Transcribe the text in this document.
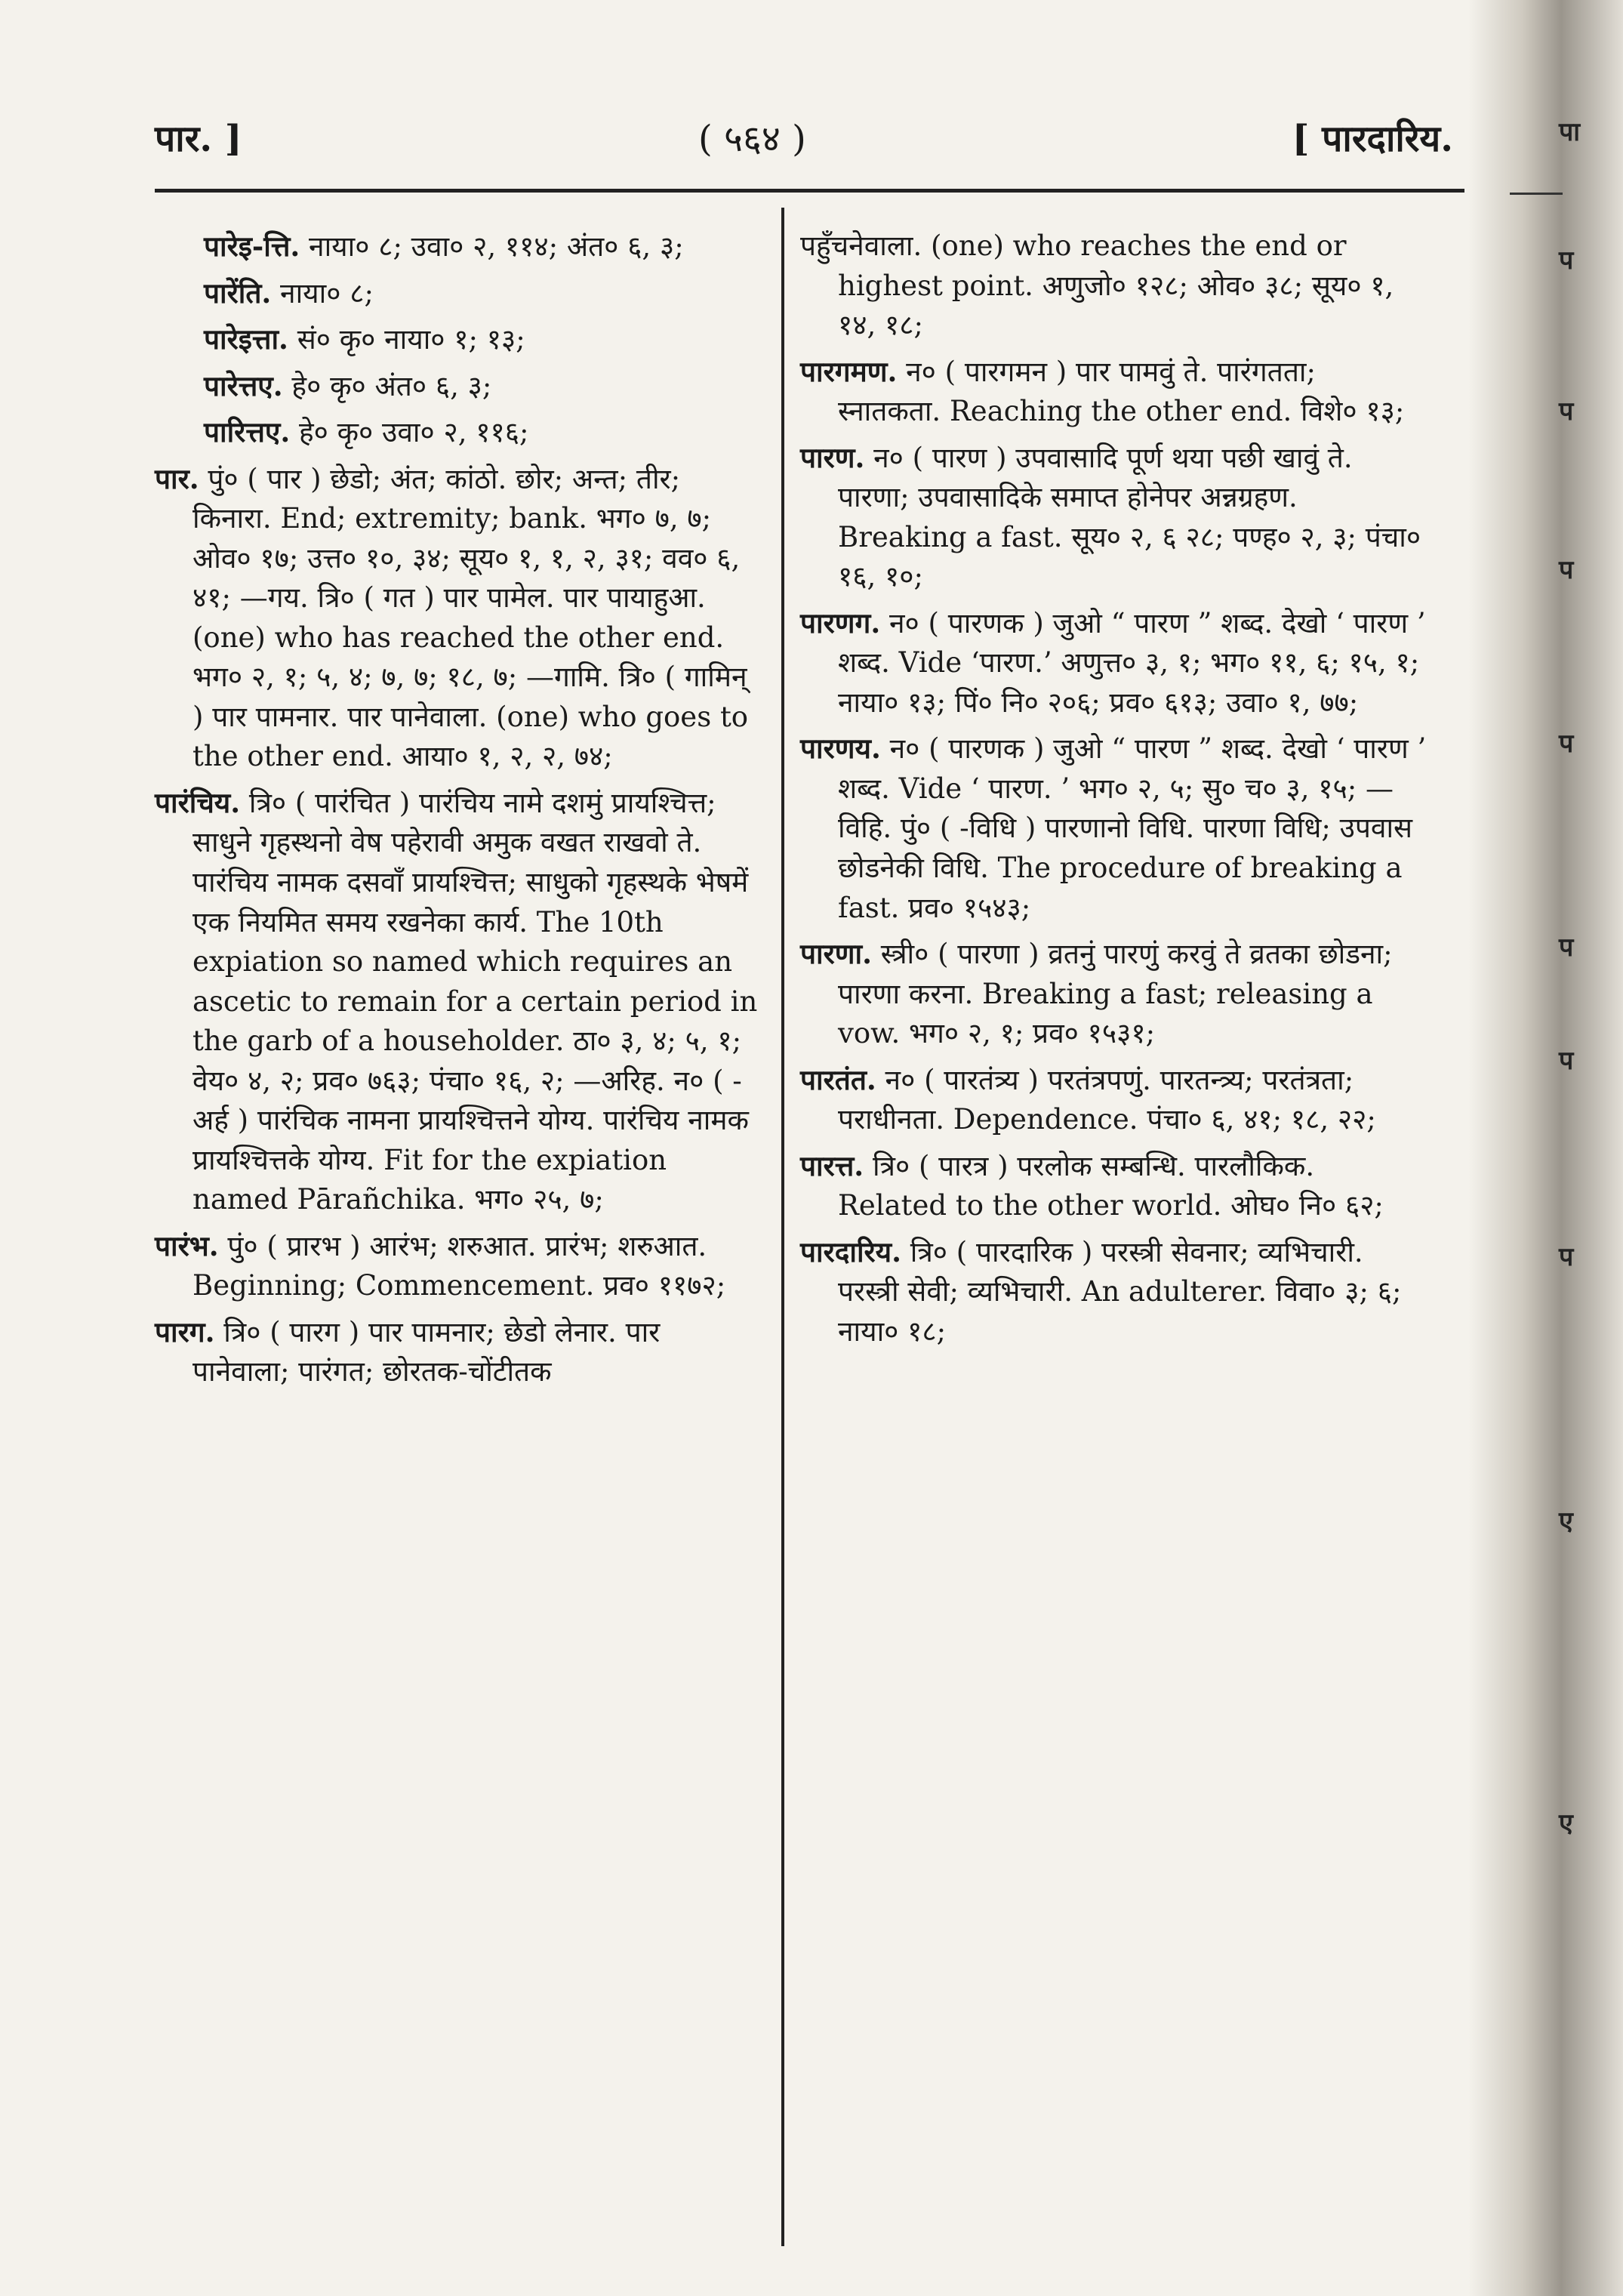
पार. ]	( ५६४ )	[ पारदारिय.

पारेइ-त्ति. नाया० ८; उवा० २, ११४; अंत० ६, ३;

पारेंति. नाया० ८;

पारेइत्ता. सं० कृ० नाया० १; १३;

पारेत्तए. हे० कृ० अंत० ६, ३;

पारित्तए. हे० कृ० उवा० २, ११६;

पार. पुं० ( पार ) छेडो; अंत; कांठो. छोर; अन्त; तीर; किनारा. End; extremity; bank. भग० ७, ७; ओव० १७; उत्त० १०, ३४; सूय० १, १, २, ३१; वव० ६, ४१; —गय. त्रि० ( गत ) पार पामेल. पार पायाहुआ. (one) who has reached the other end. भग० २, १; ५, ४; ७, ७; १८, ७; —गामि. त्रि० ( गामिन् ) पार पामनार. पार पानेवाला. (one) who goes to the other end. आया० १, २, २, ७४;

पारंचिय. त्रि० ( पारंचित ) पारंचिय नामे दशमुं प्रायश्चित्त; साधुने गृहस्थनो वेष पहेरावी अमुक वखत राखवो ते. पारंचिय नामक दसवाँ प्रायश्चित्त; साधुको गृहस्थके भेषमें एक नियमित समय रखनेका कार्य. The 10th expiation so named which requires an ascetic to remain for a certain period in the garb of a householder. ठा० ३, ४; ५, १; वेय० ४, २; प्रव० ७६३; पंचा० १६, २; —अरिह. न० ( -अर्ह ) पारंचिक नामना प्रायश्चित्तने योग्य. पारंचिय नामक प्रायश्चित्तके योग्य. Fit for the expiation named Pārañchika. भग० २५, ७;

पारंभ. पुं० ( प्रारभ ) आरंभ; शरुआत. प्रारंभ; शरुआत. Beginning; Commencement. प्रव० ११७२;

पारग. त्रि० ( पारग ) पार पामनार; छेडो लेनार. पार पानेवाला; पारंगत; छोरतक-चोंटीतक

पहुँचनेवाला. (one) who reaches the end or highest point. अणुजो० १२८; ओव० ३८; सूय० १, १४, १८;

पारगमण. न० ( पारगमन ) पार पामवुं ते. पारंगतता; स्नातकता. Reaching the other end. विशे० १३;

पारण. न० ( पारण ) उपवासादि पूर्ण थया पछी खावुं ते. पारणा; उपवासादिके समाप्त होनेपर अन्नग्रहण. Breaking a fast. सूय० २, ६ २८; पण्ह० २, ३; पंचा० १६, १०;

पारणग. न० ( पारणक ) जुओ “ पारण ” शब्द. देखो ‘ पारण ’ शब्द. Vide ‘पारण.’ अणुत्त० ३, १; भग० ११, ६; १५, १; नाया० १३; पिं० नि० २०६; प्रव० ६१३; उवा० १, ७७;

पारणय. न० ( पारणक ) जुओ “ पारण ” शब्द. देखो ‘ पारण ’ शब्द. Vide ‘ पारण. ’ भग० २, ५; सु० च० ३, १५; —विहि. पुं० ( -विधि ) पारणानो विधि. पारणा विधि; उपवास छोडनेकी विधि. The procedure of breaking a fast. प्रव० १५४३;

पारणा. स्त्री० ( पारणा ) व्रतनुं पारणुं करवुं ते व्रतका छोडना; पारणा करना. Breaking a fast; releasing a vow. भग० २, १; प्रव० १५३१;

पारतंत. न० ( पारतंत्र्य ) परतंत्रपणुं. पारतन्त्र्य; परतंत्रता; पराधीनता. Dependence. पंचा० ६, ४१; १८, २२;

पारत्त. त्रि० ( पारत्र ) परलोक सम्बन्धि. पारलौकिक. Related to the other world. ओघ० नि० ६२;

पारदारिय. त्रि० ( पारदारिक ) परस्त्री सेवनार; व्यभिचारी. परस्त्री सेवी; व्यभिचारी. An adulterer. विवा० ३; ६; नाया० १८;

पा
प
प
प
प
प
प
प
ए
ए
